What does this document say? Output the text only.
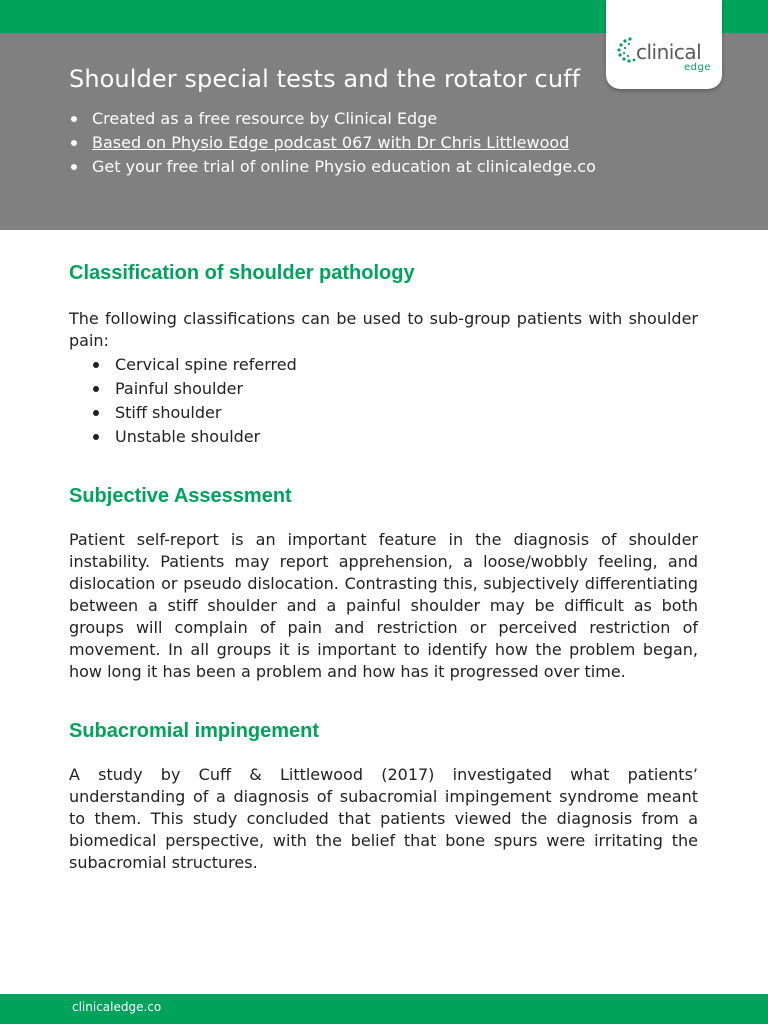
Shoulder special tests and the rotator cuff
Created as a free resource by Clinical Edge
Based on Physio Edge podcast 067 with Dr Chris Littlewood
Get your free trial of online Physio education at clinicaledge.co
clinical
edge
Classification of shoulder pathology

The following classifications can be used to sub-group patients with shoulder pain:

Cervical spine referred
Painful shoulder
Stiff shoulder
Unstable shoulder
Subjective Assessment

Patient self-report is an important feature in the diagnosis of shoulder instability. Patients may report apprehension, a loose/wobbly feeling, and dislocation or pseudo dislocation. Contrasting this, subjectively differentiating between a stiff shoulder and a painful shoulder may be difficult as both groups will complain of pain and restriction or perceived restriction of movement. In all groups it is important to identify how the problem began, how long it has been a problem and how has it progressed over time.

Subacromial impingement

A study by Cuff & Littlewood (2017) investigated what patients’ understanding of a diagnosis of subacromial impingement syndrome meant to them. This study concluded that patients viewed the diagnosis from a biomedical perspective, with the belief that bone spurs were irritating the subacromial structures.

clinicaledge.co
